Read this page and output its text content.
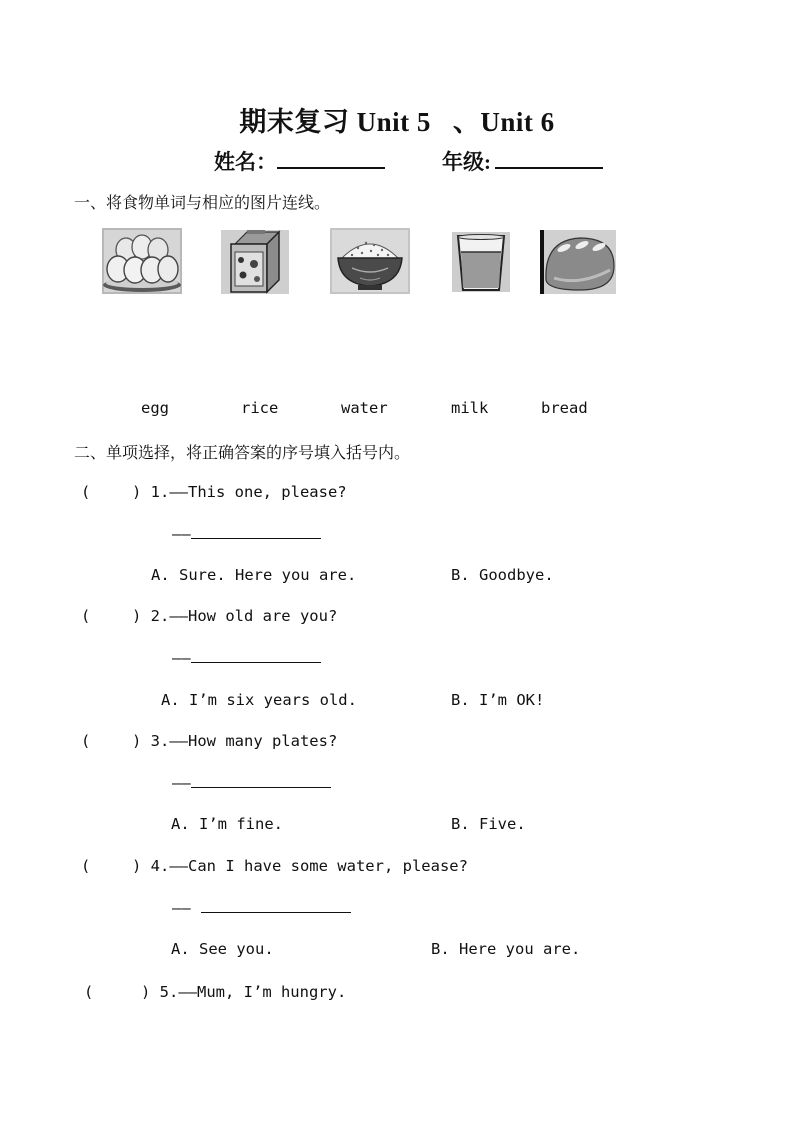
期末复习 Unit 5 、Unit 6
姓名：	年级:
一、将食物单词与相应的图片连线。
egg	rice	water	milk	bread
二、单项选择，将正确答案的序号填入括号内。
(	) 1.——This one, please?
——
A. Sure. Here you are.	B. Goodbye.
(	) 2.——How old are you?
——
A. I’m six years old.	B. I’m OK!
(	) 3.——How many plates?
——
A. I’m fine.	B. Five.
(	) 4.——Can I have some water, please?
——
A. See you.	B. Here you are.
(	) 5.——Mum, I’m hungry.
